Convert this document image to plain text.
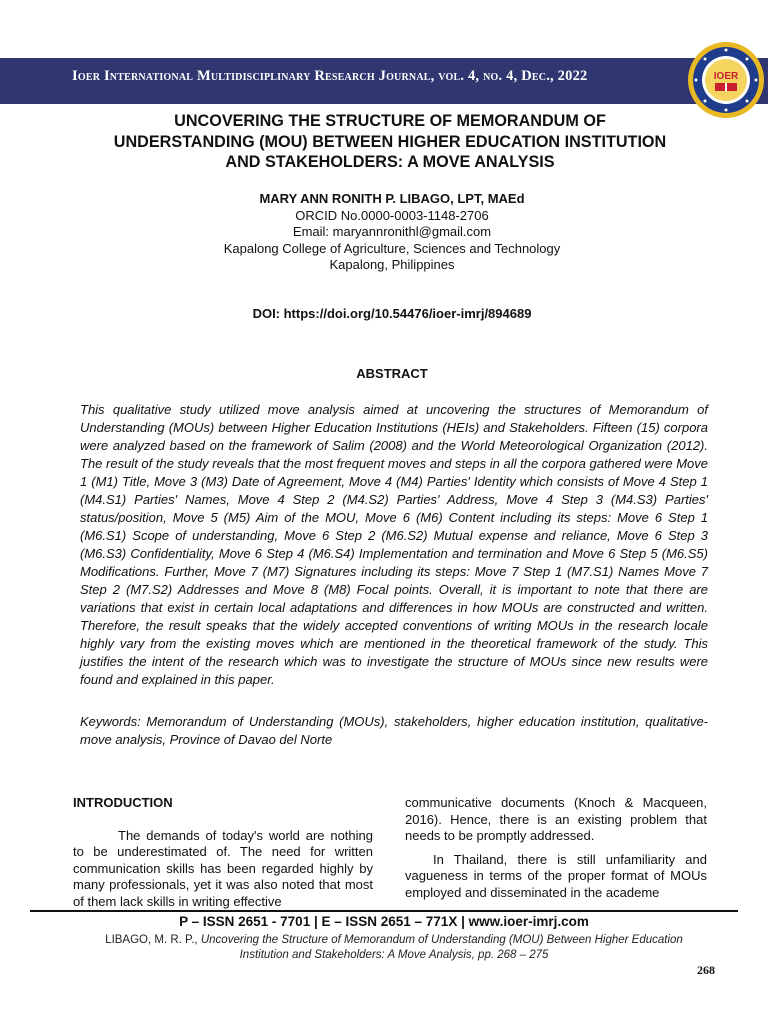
Ioer International Multidisciplinary Research Journal, vol. 4, no. 4, Dec., 2022	IOER
UNCOVERING THE STRUCTURE OF MEMORANDUM OF
UNDERSTANDING (MOU) BETWEEN HIGHER EDUCATION INSTITUTION
AND STAKEHOLDERS: A MOVE ANALYSIS
MARY ANN RONITH P. LIBAGO, LPT, MAEd
ORCID No.0000-0003-1148-2706
Email: maryannronithl@gmail.com
Kapalong College of Agriculture, Sciences and Technology
Kapalong, Philippines
DOI: https://doi.org/10.54476/ioer-imrj/894689
ABSTRACT

This qualitative study utilized move analysis aimed at uncovering the structures of Memorandum of Understanding (MOUs) between Higher Education Institutions (HEIs) and Stakeholders. Fifteen (15) corpora were analyzed based on the framework of Salim (2008) and the World Meteorological Organization (2012). The result of the study reveals that the most frequent moves and steps in all the corpora gathered were Move 1 (M1) Title, Move 3 (M3) Date of Agreement, Move 4 (M4) Parties' Identity which consists of Move 4 Step 1 (M4.S1) Parties' Names, Move 4 Step 2 (M4.S2) Parties' Address, Move 4 Step 3 (M4.S3) Parties' status/position, Move 5 (M5) Aim of the MOU, Move 6 (M6) Content including its steps: Move 6 Step 1 (M6.S1) Scope of understanding, Move 6 Step 2 (M6.S2) Mutual expense and reliance, Move 6 Step 3 (M6.S3) Confidentiality, Move 6 Step 4 (M6.S4) Implementation and termination and Move 6 Step 5 (M6.S5) Modifications. Further, Move 7 (M7) Signatures including its steps: Move 7 Step 1 (M7.S1) Names Move 7 Step 2 (M7.S2) Addresses and Move 8 (M8) Focal points. Overall, it is important to note that there are variations that exist in certain local adaptations and differences in how MOUs are constructed and written. Therefore, the result speaks that the widely accepted conventions of writing MOUs in the research locale highly vary from the existing moves which are mentioned in the theoretical framework of the study. This justifies the intent of the research which was to investigate the structure of MOUs since new results were found and explained in this paper.

Keywords: Memorandum of Understanding (MOUs), stakeholders, higher education institution, qualitative-move analysis, Province of Davao del Norte

INTRODUCTION

The demands of today's world are nothing to be underestimated of. The need for written communication skills has been regarded highly by many professionals, yet it was also noted that most of them lack skills in writing effective

communicative documents (Knoch & Macqueen, 2016). Hence, there is an existing problem that needs to be promptly addressed.

In Thailand, there is still unfamiliarity and vagueness in terms of the proper format of MOUs employed and disseminated in the academe

P – ISSN 2651 - 7701 | E – ISSN 2651 – 771X | www.ioer-imrj.com
LIBAGO, M. R. P., Uncovering the Structure of Memorandum of Understanding (MOU) Between Higher Education Institution and Stakeholders: A Move Analysis, pp. 268 – 275
268
